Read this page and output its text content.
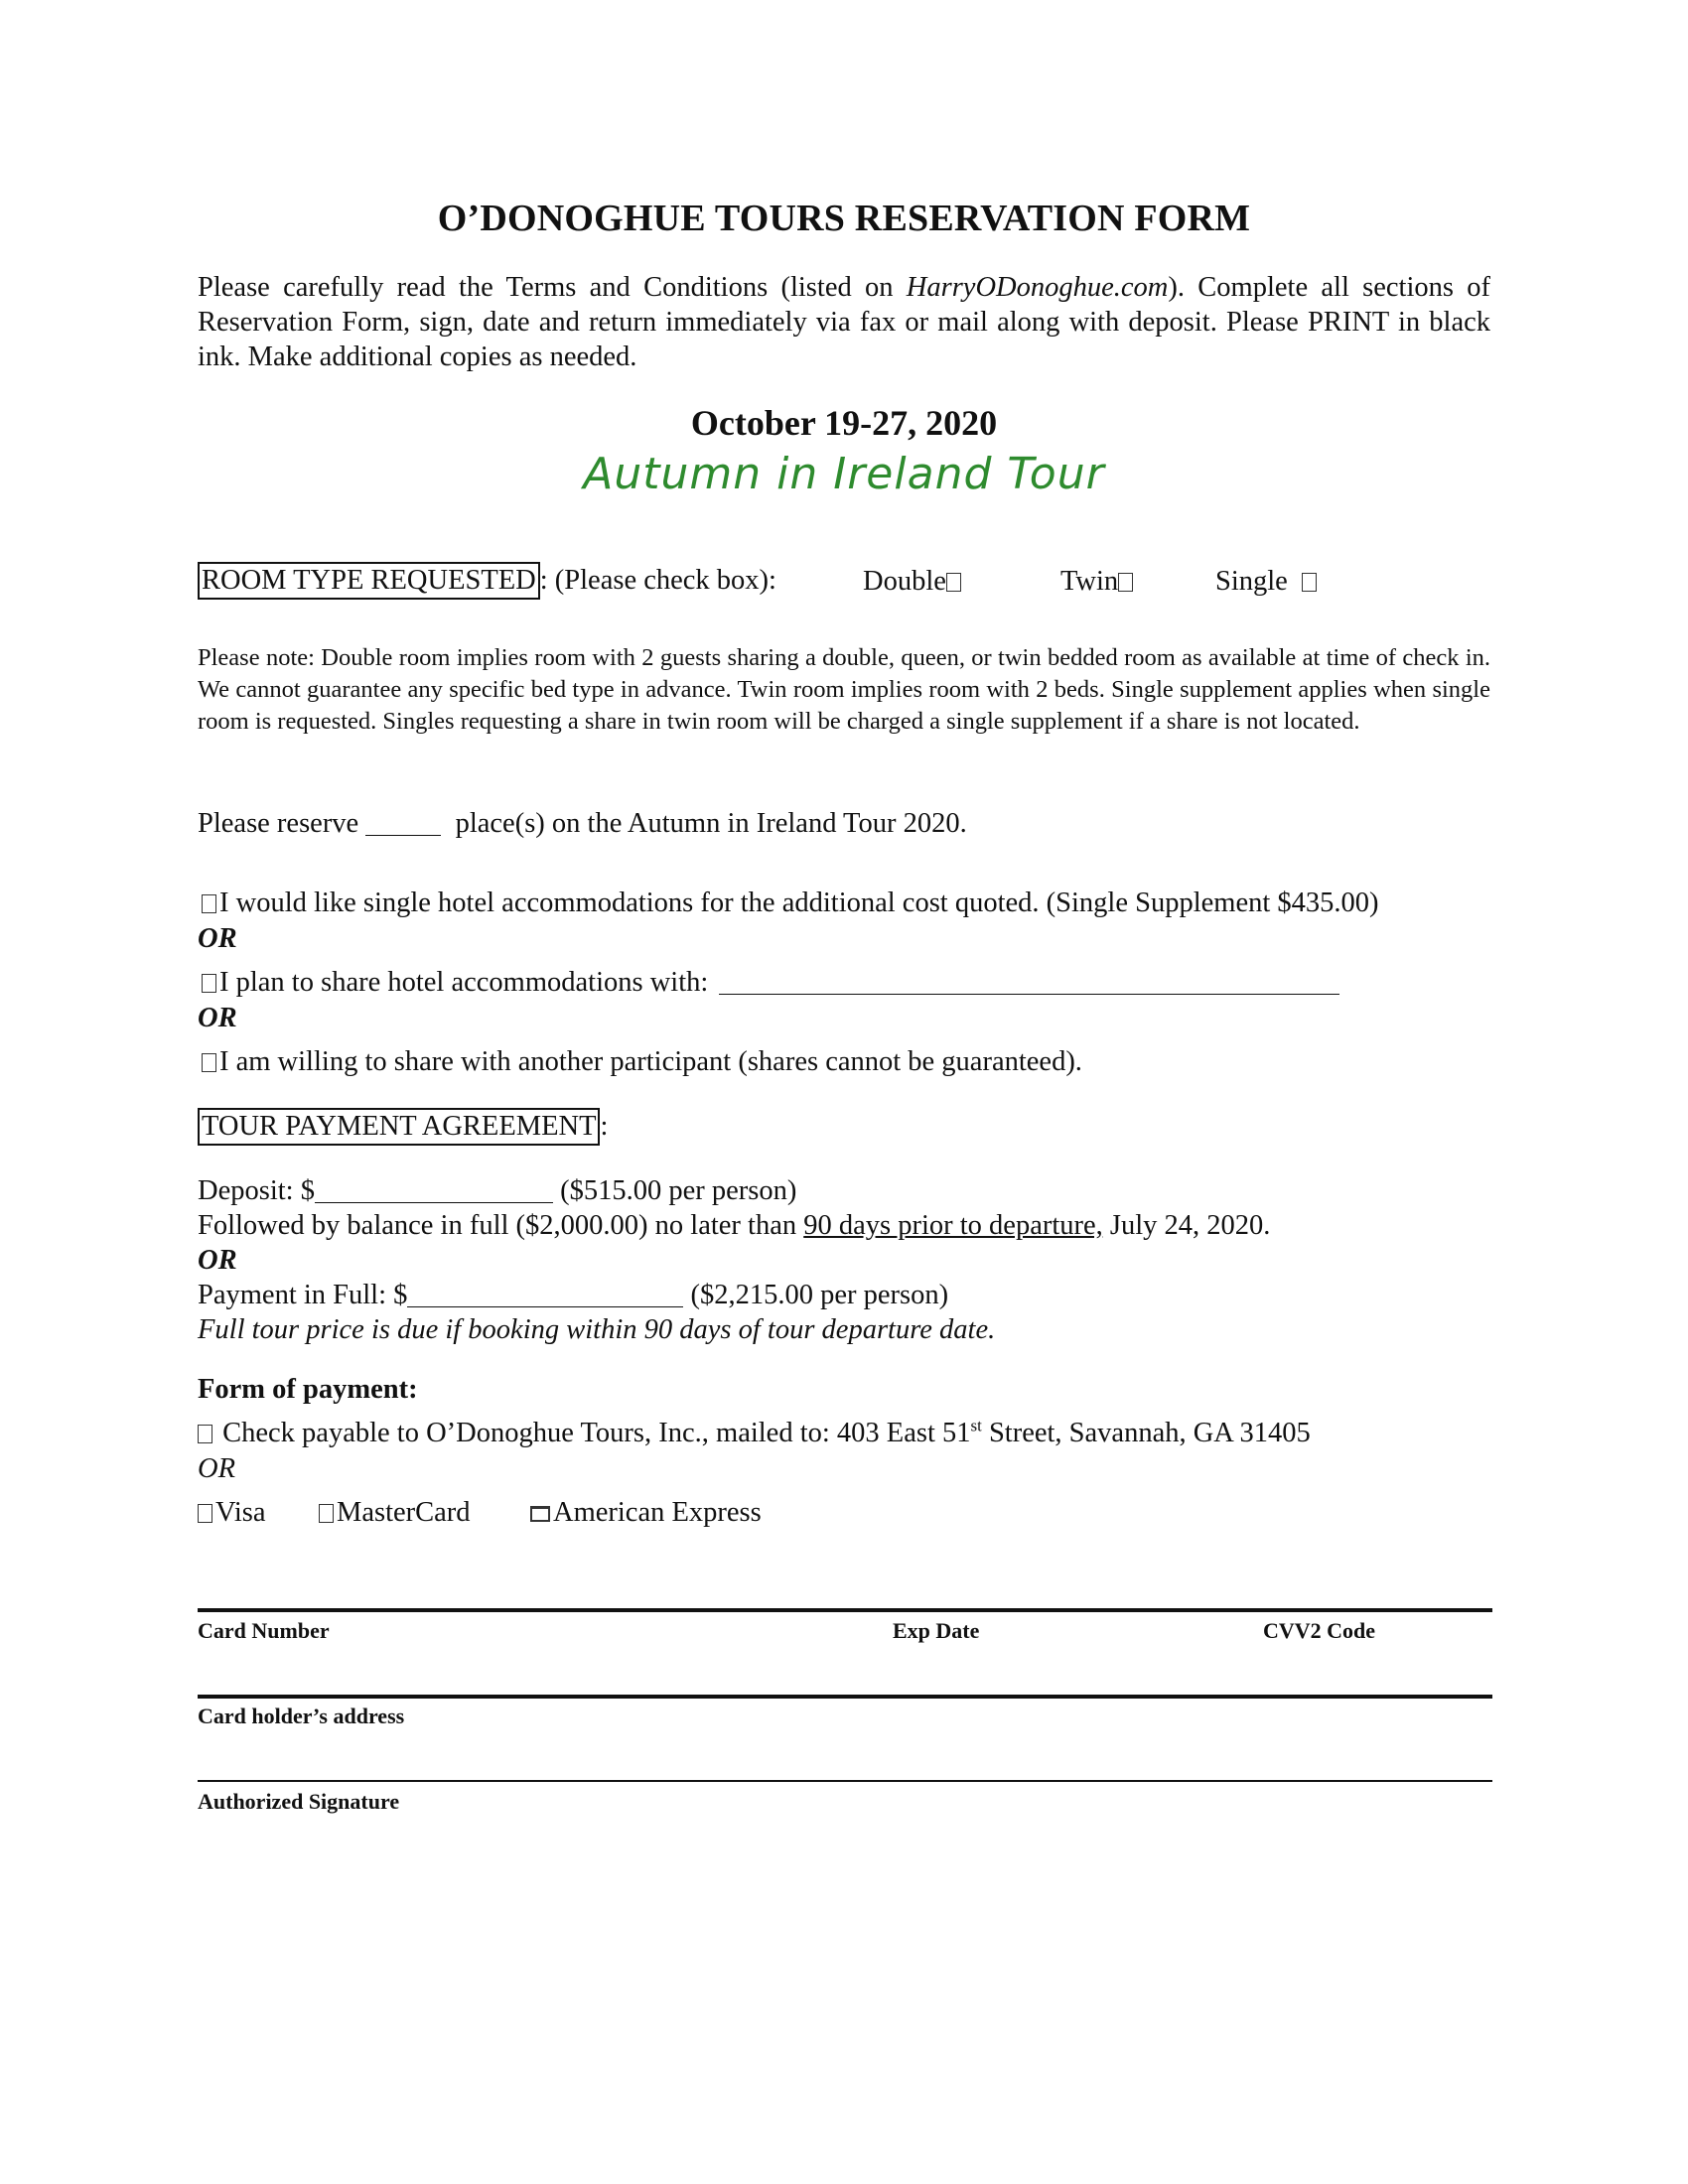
O’DONOGHUE TOURS RESERVATION FORM
Please carefully read the Terms and Conditions (listed on HarryODonoghue.com). Complete all sections of Reservation Form, sign, date and return immediately via fax or mail along with deposit. Please PRINT in black ink. Make additional copies as needed.
October 19-27, 2020
Autumn in Ireland Tour
ROOM TYPE REQUESTED : (Please check box):	Double	Twin	Single
Please note: Double room implies room with 2 guests sharing a double, queen, or twin bedded room as available at time of check in. We cannot guarantee any specific bed type in advance. Twin room implies room with 2 beds. Single supplement applies when single room is requested. Singles requesting a share in twin room will be charged a single supplement if a share is not located.
Please reserve	place(s) on the Autumn in Ireland Tour 2020.
I would like single hotel accommodations for the additional cost quoted. (Single Supplement $435.00)
OR
I plan to share hotel accommodations with:
OR
I am willing to share with another participant (shares cannot be guaranteed).
TOUR PAYMENT AGREEMENT :
Deposit: $	($515.00 per person)
Followed by balance in full ($2,000.00) no later than 90 days prior to departure, July 24, 2020.
OR
Payment in Full: $	($2,215.00 per person)
Full tour price is due if booking within 90 days of tour departure date.
Form of payment:
Check payable to O’Donoghue Tours, Inc., mailed to: 403 East 51st Street, Savannah, GA 31405
OR
Visa	MasterCard	American Express
Card Number	Exp Date	CVV2 Code
Card holder’s address
Authorized Signature
